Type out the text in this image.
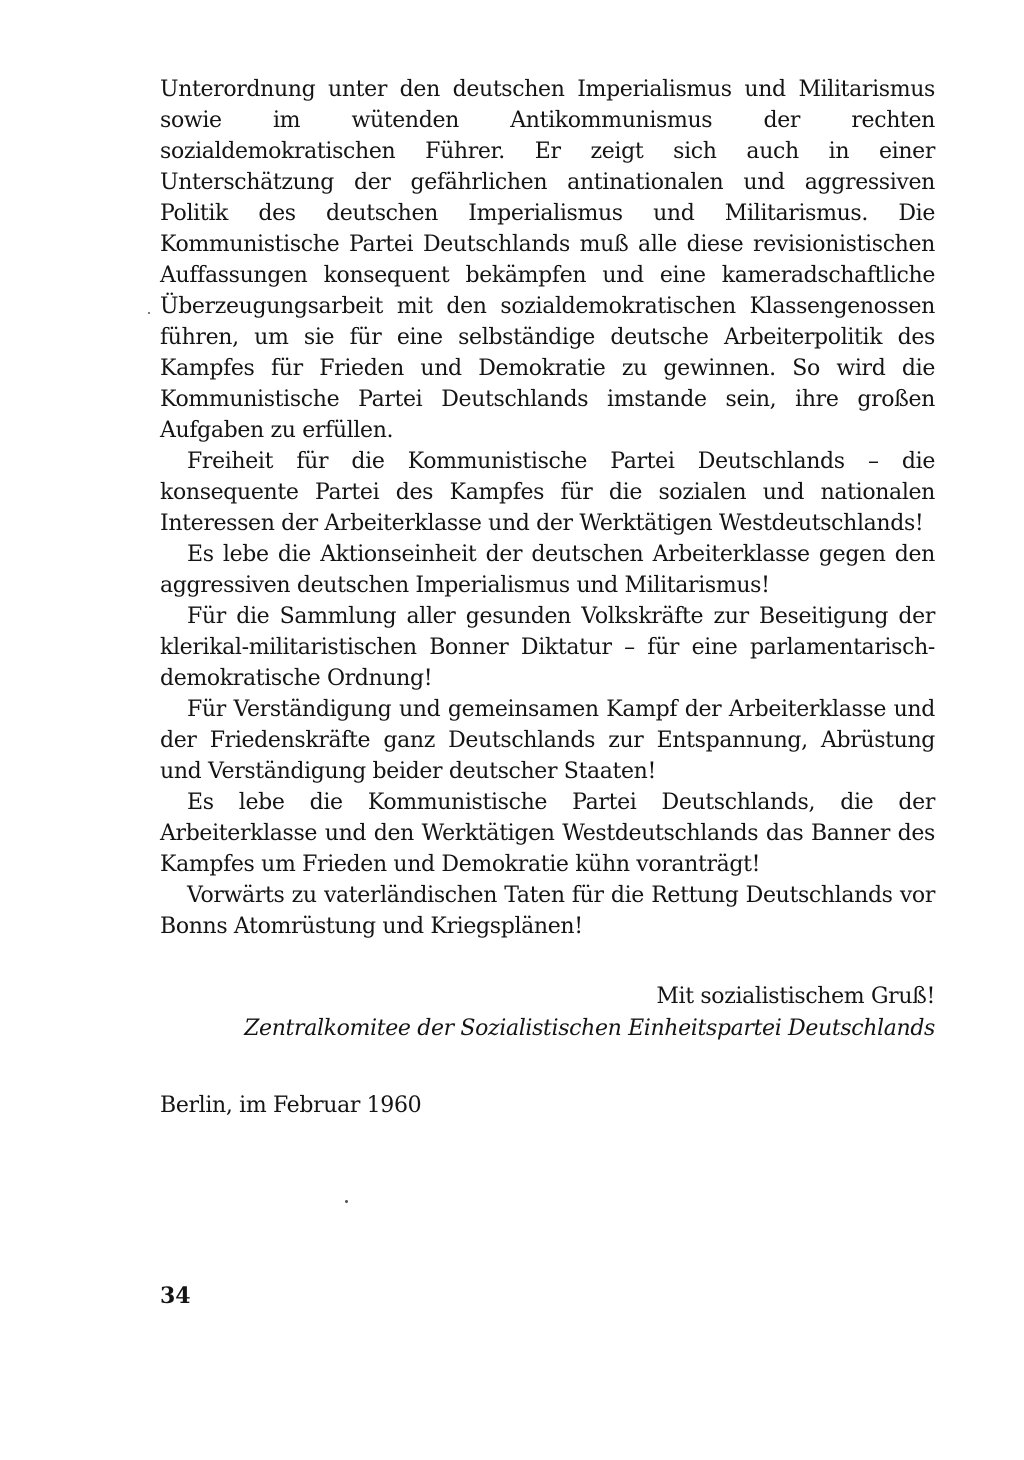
Unterordnung unter den deutschen Imperialismus und Militarismus sowie im wütenden Antikommunismus der rechten sozialdemokratischen Führer. Er zeigt sich auch in einer Unterschätzung der gefährlichen antinationalen und aggressiven Politik des deutschen Imperialismus und Militarismus. Die Kommunistische Partei Deutschlands muß alle diese revisionistischen Auffassungen konsequent bekämpfen und eine kameradschaftliche Überzeugungsarbeit mit den sozialdemokratischen Klassengenossen führen, um sie für eine selbständige deutsche Arbeiterpolitik des Kampfes für Frieden und Demokratie zu gewinnen. So wird die Kommunistische Partei Deutschlands imstande sein, ihre großen Aufgaben zu erfüllen.

Freiheit für die Kommunistische Partei Deutschlands – die konsequente Partei des Kampfes für die sozialen und nationalen Interessen der Arbeiterklasse und der Werktätigen Westdeutschlands!

Es lebe die Aktionseinheit der deutschen Arbeiterklasse gegen den aggressiven deutschen Imperialismus und Militarismus!

Für die Sammlung aller gesunden Volkskräfte zur Beseitigung der klerikal-militaristischen Bonner Diktatur – für eine parlamentarisch-demokratische Ordnung!

Für Verständigung und gemeinsamen Kampf der Arbeiterklasse und der Friedenskräfte ganz Deutschlands zur Entspannung, Abrüstung und Verständigung beider deutscher Staaten!

Es lebe die Kommunistische Partei Deutschlands, die der Arbeiterklasse und den Werktätigen Westdeutschlands das Banner des Kampfes um Frieden und Demokratie kühn voranträgt!

Vorwärts zu vaterländischen Taten für die Rettung Deutschlands vor Bonns Atomrüstung und Kriegsplänen!

Mit sozialistischem Gruß!
Zentralkomitee der Sozialistischen Einheitspartei Deutschlands
Berlin, im Februar 1960
34
